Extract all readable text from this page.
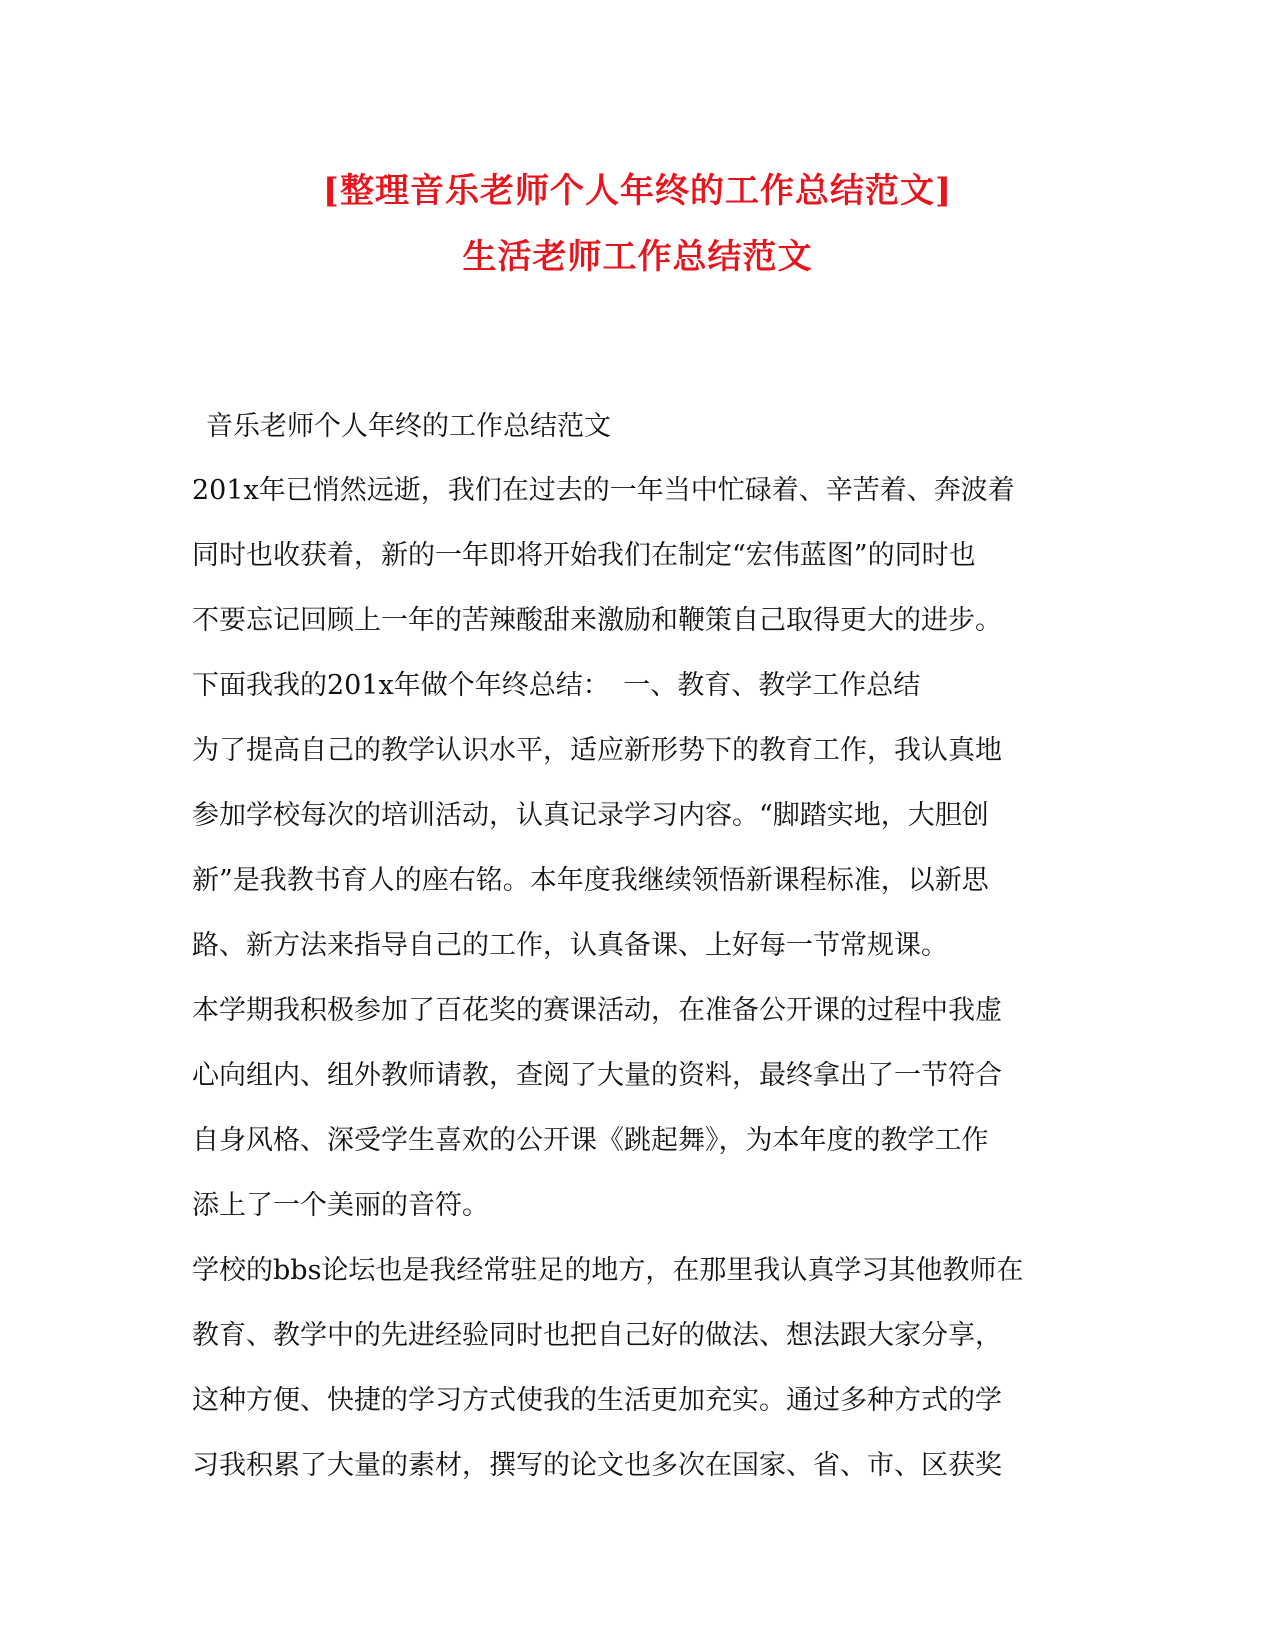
[整理音乐老师个人年终的工作总结范文]
生活老师工作总结范文
音乐老师个人年终的工作总结范文
201x年已悄然远逝，我们在过去的一年当中忙碌着、辛苦着、奔波着
同时也收获着，新的一年即将开始我们在制定“宏伟蓝图”的同时也
不要忘记回顾上一年的苦辣酸甜来激励和鞭策自己取得更大的进步。
下面我我的201x年做个年终总结：　一、教育、教学工作总结
为了提高自己的教学认识水平，适应新形势下的教育工作，我认真地
参加学校每次的培训活动，认真记录学习内容。“脚踏实地，大胆创
新”是我教书育人的座右铭。本年度我继续领悟新课程标准，以新思
路、新方法来指导自己的工作，认真备课、上好每一节常规课。
本学期我积极参加了百花奖的赛课活动，在准备公开课的过程中我虚
心向组内、组外教师请教，查阅了大量的资料，最终拿出了一节符合
自身风格、深受学生喜欢的公开课《跳起舞》，为本年度的教学工作
添上了一个美丽的音符。
学校的bbs论坛也是我经常驻足的地方，在那里我认真学习其他教师在
教育、教学中的先进经验同时也把自己好的做法、想法跟大家分享，
这种方便、快捷的学习方式使我的生活更加充实。通过多种方式的学
习我积累了大量的素材，撰写的论文也多次在国家、省、市、区获奖
